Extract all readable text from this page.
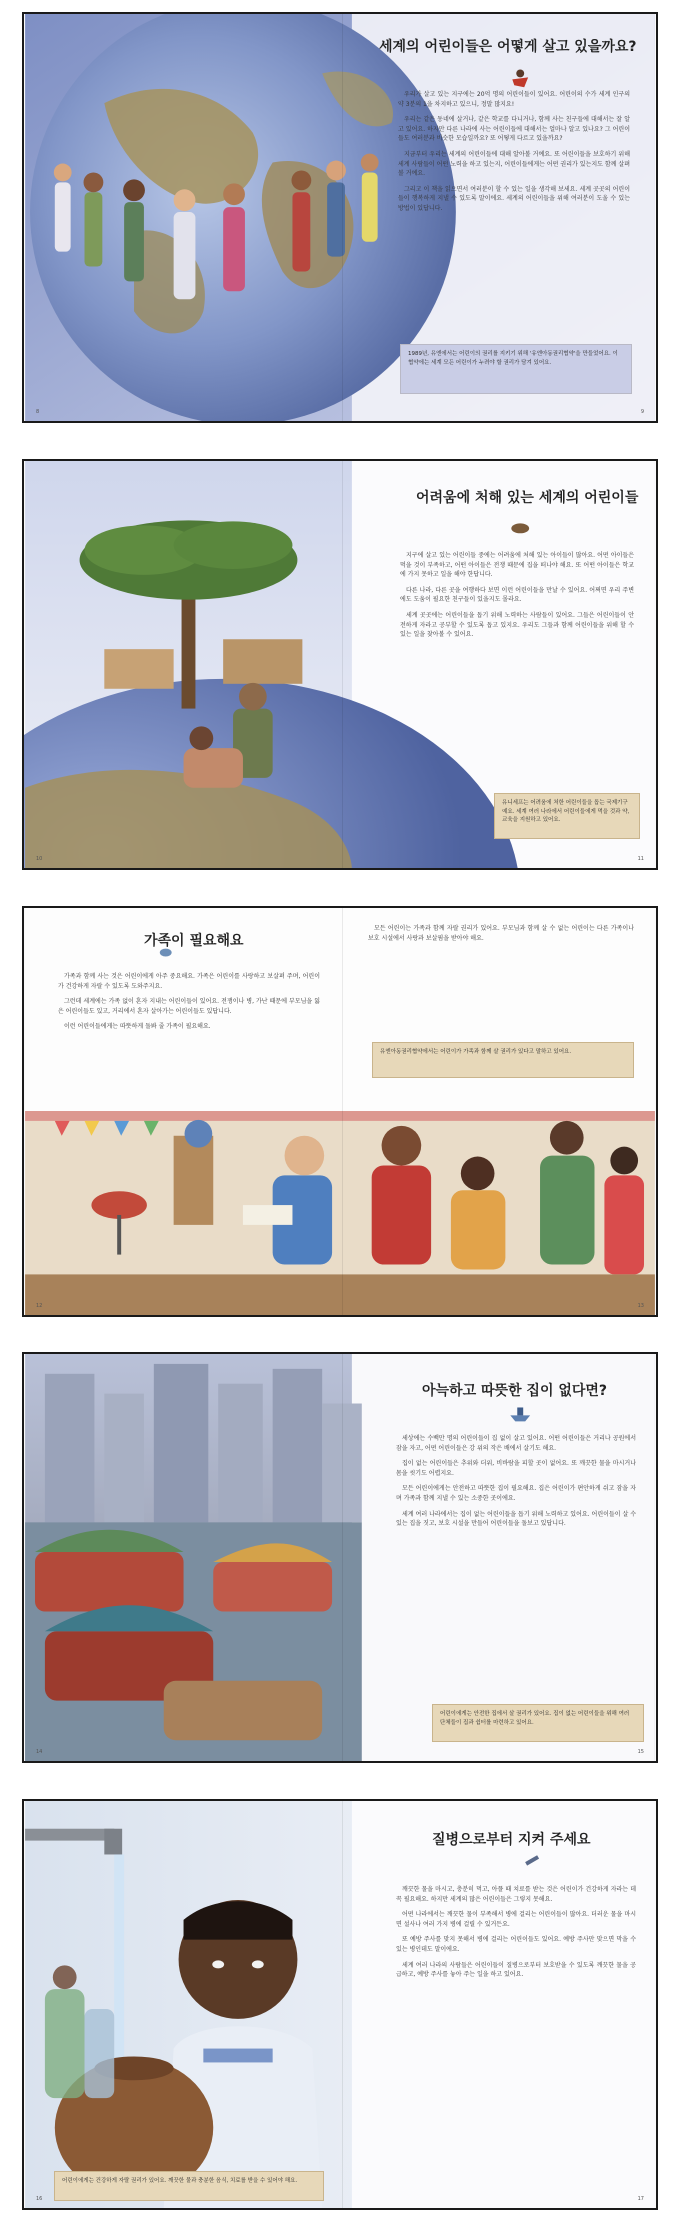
세계의 어린이들은 어떻게 살고 있을까요?

우리가 살고 있는 지구에는 20억 명의 어린이들이 있어요. 어린이의 수가 세계 인구의 약 3분의 1을 차지하고 있으니, 정말 많지요!

우리는 같은 동네에 살거나, 같은 학교를 다니거나, 함께 사는 친구들에 대해서는 잘 알고 있어요. 하지만 다른 나라에 사는 어린이들에 대해서는 얼마나 알고 있나요? 그 어린이들도 여러분과 비슷한 모습일까요? 또 어떻게 다르고 있을까요?

지금부터 우리는 세계의 어린이들에 대해 알아볼 거예요. 또 어린이들을 보호하기 위해 세계 사람들이 어떤 노력을 하고 있는지, 어린이들에게는 어떤 권리가 있는지도 함께 살펴볼 거예요.

그리고 이 책을 읽으면서 여러분이 할 수 있는 일을 생각해 보세요. 세계 곳곳의 어린이들이 행복하게 지낼 수 있도록 말이에요. 세계의 어린이들을 위해 여러분이 도울 수 있는 방법이 있답니다.

1989년, 유엔에서는 어린이의 권리를 지키기 위해 '유엔아동권리협약'을 만들었어요. 이 협약에는 세계 모든 어린이가 누려야 할 권리가 담겨 있어요.
8	9
어려움에 처해 있는 세계의 어린이들

지구에 살고 있는 어린이들 중에는 어려움에 처해 있는 아이들이 많아요. 어떤 아이들은 먹을 것이 부족하고, 어떤 아이들은 전쟁 때문에 집을 떠나야 해요. 또 어떤 아이들은 학교에 가지 못하고 일을 해야 한답니다.

다른 나라, 다른 곳을 여행하다 보면 이런 어린이들을 만날 수 있어요. 어쩌면 우리 주변에도 도움이 필요한 친구들이 있을지도 몰라요.

세계 곳곳에는 어린이들을 돕기 위해 노력하는 사람들이 있어요. 그들은 어린이들이 안전하게 자라고 공부할 수 있도록 돕고 있지요. 우리도 그들과 함께 어린이들을 위해 할 수 있는 일을 찾아볼 수 있어요.

유니세프는 어려움에 처한 어린이들을 돕는 국제기구예요. 세계 여러 나라에서 어린이들에게 먹을 것과 약, 교육을 지원하고 있어요.
10	11
가족이 필요해요

가족과 함께 사는 것은 어린이에게 아주 중요해요. 가족은 어린이를 사랑하고 보살펴 주며, 어린이가 건강하게 자랄 수 있도록 도와주지요.

그런데 세계에는 가족 없이 혼자 지내는 어린이들이 있어요. 전쟁이나 병, 가난 때문에 부모님을 잃은 어린이들도 있고, 거리에서 혼자 살아가는 어린이들도 있답니다.

이런 어린이들에게는 따뜻하게 돌봐 줄 가족이 필요해요.

모든 어린이는 가족과 함께 자랄 권리가 있어요. 부모님과 함께 살 수 없는 어린이는 다른 가족이나 보호 시설에서 사랑과 보살핌을 받아야 해요.

유엔아동권리협약에서는 어린이가 가족과 함께 살 권리가 있다고 말하고 있어요.
12	13
아늑하고 따뜻한 집이 없다면?

세상에는 수백만 명의 어린이들이 집 없이 살고 있어요. 어떤 어린이들은 거리나 공원에서 잠을 자고, 어떤 어린이들은 강 위의 작은 배에서 살기도 해요.

집이 없는 어린이들은 추위와 더위, 비바람을 피할 곳이 없어요. 또 깨끗한 물을 마시거나 몸을 씻기도 어렵지요.

모든 어린이에게는 안전하고 따뜻한 집이 필요해요. 집은 어린이가 편안하게 쉬고 잠을 자며 가족과 함께 지낼 수 있는 소중한 곳이에요.

세계 여러 나라에서는 집이 없는 어린이들을 돕기 위해 노력하고 있어요. 어린이들이 살 수 있는 집을 짓고, 보호 시설을 만들어 어린이들을 돌보고 있답니다.

어린이에게는 안전한 집에서 살 권리가 있어요. 집이 없는 어린이들을 위해 여러 단체들이 집과 쉼터를 마련하고 있어요.
14	15
질병으로부터 지켜 주세요

깨끗한 물을 마시고, 충분히 먹고, 아플 때 치료를 받는 것은 어린이가 건강하게 자라는 데 꼭 필요해요. 하지만 세계의 많은 어린이들은 그렇지 못해요.

어떤 나라에서는 깨끗한 물이 부족해서 병에 걸리는 어린이들이 많아요. 더러운 물을 마시면 설사나 여러 가지 병에 걸릴 수 있거든요.

또 예방 주사를 맞지 못해서 병에 걸리는 어린이들도 있어요. 예방 주사만 맞으면 막을 수 있는 병인데도 말이에요.

세계 여러 나라의 사람들은 어린이들이 질병으로부터 보호받을 수 있도록 깨끗한 물을 공급하고, 예방 주사를 놓아 주는 일을 하고 있어요.

어린이에게는 건강하게 자랄 권리가 있어요. 깨끗한 물과 충분한 음식, 치료를 받을 수 있어야 해요.
16	17
